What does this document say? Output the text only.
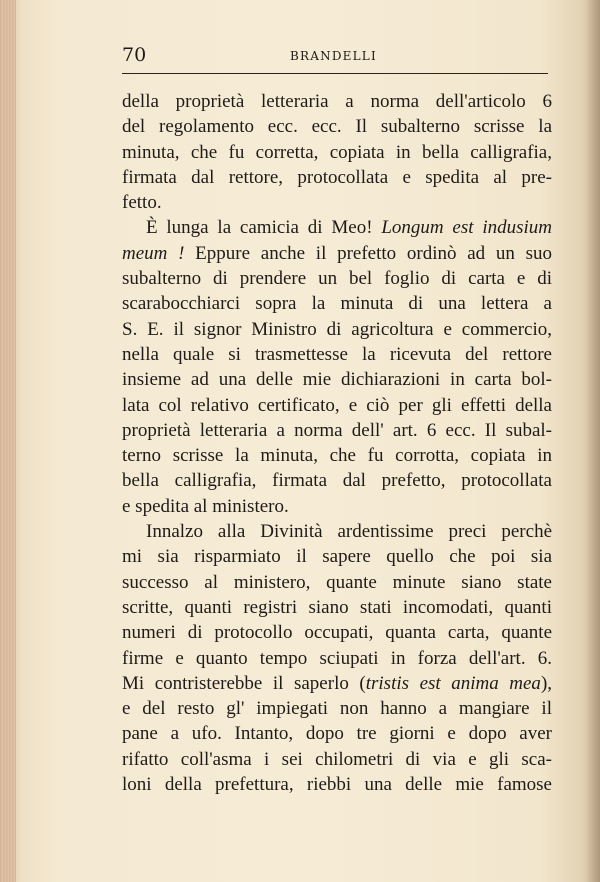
70	BRANDELLI
della proprietà letteraria a norma dell'articolo 6
del regolamento ecc. ecc. Il subalterno scrisse la
minuta, che fu corretta, copiata in bella calligrafia,
firmata dal rettore, protocollata e spedita al pre-
fetto.
È lunga la camicia di Meo! Longum est indusium
meum ! Eppure anche il prefetto ordinò ad un suo
subalterno di prendere un bel foglio di carta e di
scarabocchiarci sopra la minuta di una lettera a
S. E. il signor Ministro di agricoltura e commercio,
nella quale si trasmettesse la ricevuta del rettore
insieme ad una delle mie dichiarazioni in carta bol-
lata col relativo certificato, e ciò per gli effetti della
proprietà letteraria a norma dell' art. 6 ecc. Il subal-
terno scrisse la minuta, che fu corrotta, copiata in
bella calligrafia, firmata dal prefetto, protocollata
e spedita al ministero.
Innalzo alla Divinità ardentissime preci perchè
mi sia risparmiato il sapere quello che poi sia
successo al ministero, quante minute siano state
scritte, quanti registri siano stati incomodati, quanti
numeri di protocollo occupati, quanta carta, quante
firme e quanto tempo sciupati in forza dell'art. 6.
Mi contristerebbe il saperlo (tristis est anima mea),
e del resto gl' impiegati non hanno a mangiare il
pane a ufo. Intanto, dopo tre giorni e dopo aver
rifatto coll'asma i sei chilometri di via e gli sca-
loni della prefettura, riebbi una delle mie famose
